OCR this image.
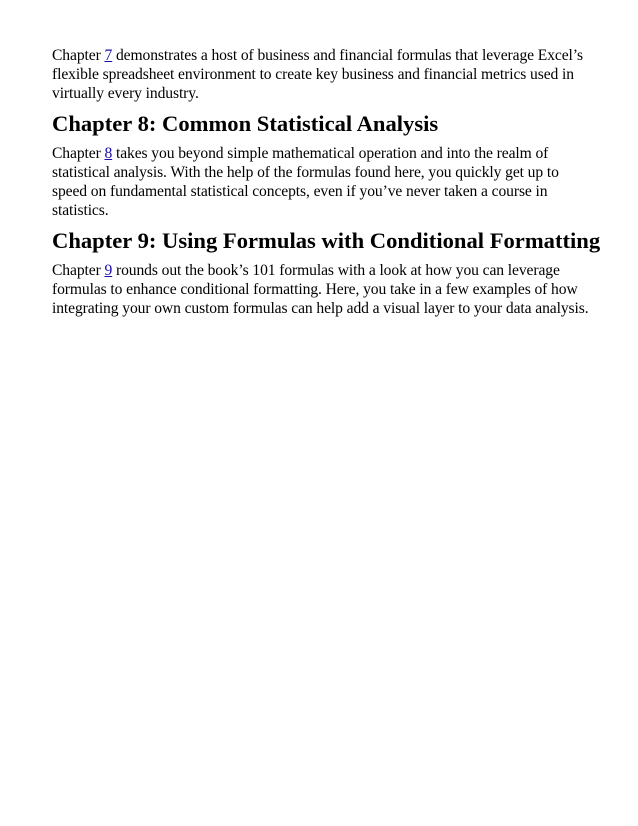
Chapter 7 demonstrates a host of business and financial formulas that leverage Excel’s flexible spreadsheet environment to create key business and financial metrics used in virtually every industry.

Chapter 8: Common Statistical Analysis

Chapter 8 takes you beyond simple mathematical operation and into the realm of statistical analysis. With the help of the formulas found here, you quickly get up to speed on fundamental statistical concepts, even if you’ve never taken a course in statistics.

Chapter 9: Using Formulas with Conditional Formatting

Chapter 9 rounds out the book’s 101 formulas with a look at how you can leverage formulas to enhance conditional formatting. Here, you take in a few examples of how integrating your own custom formulas can help add a visual layer to your data analysis.
